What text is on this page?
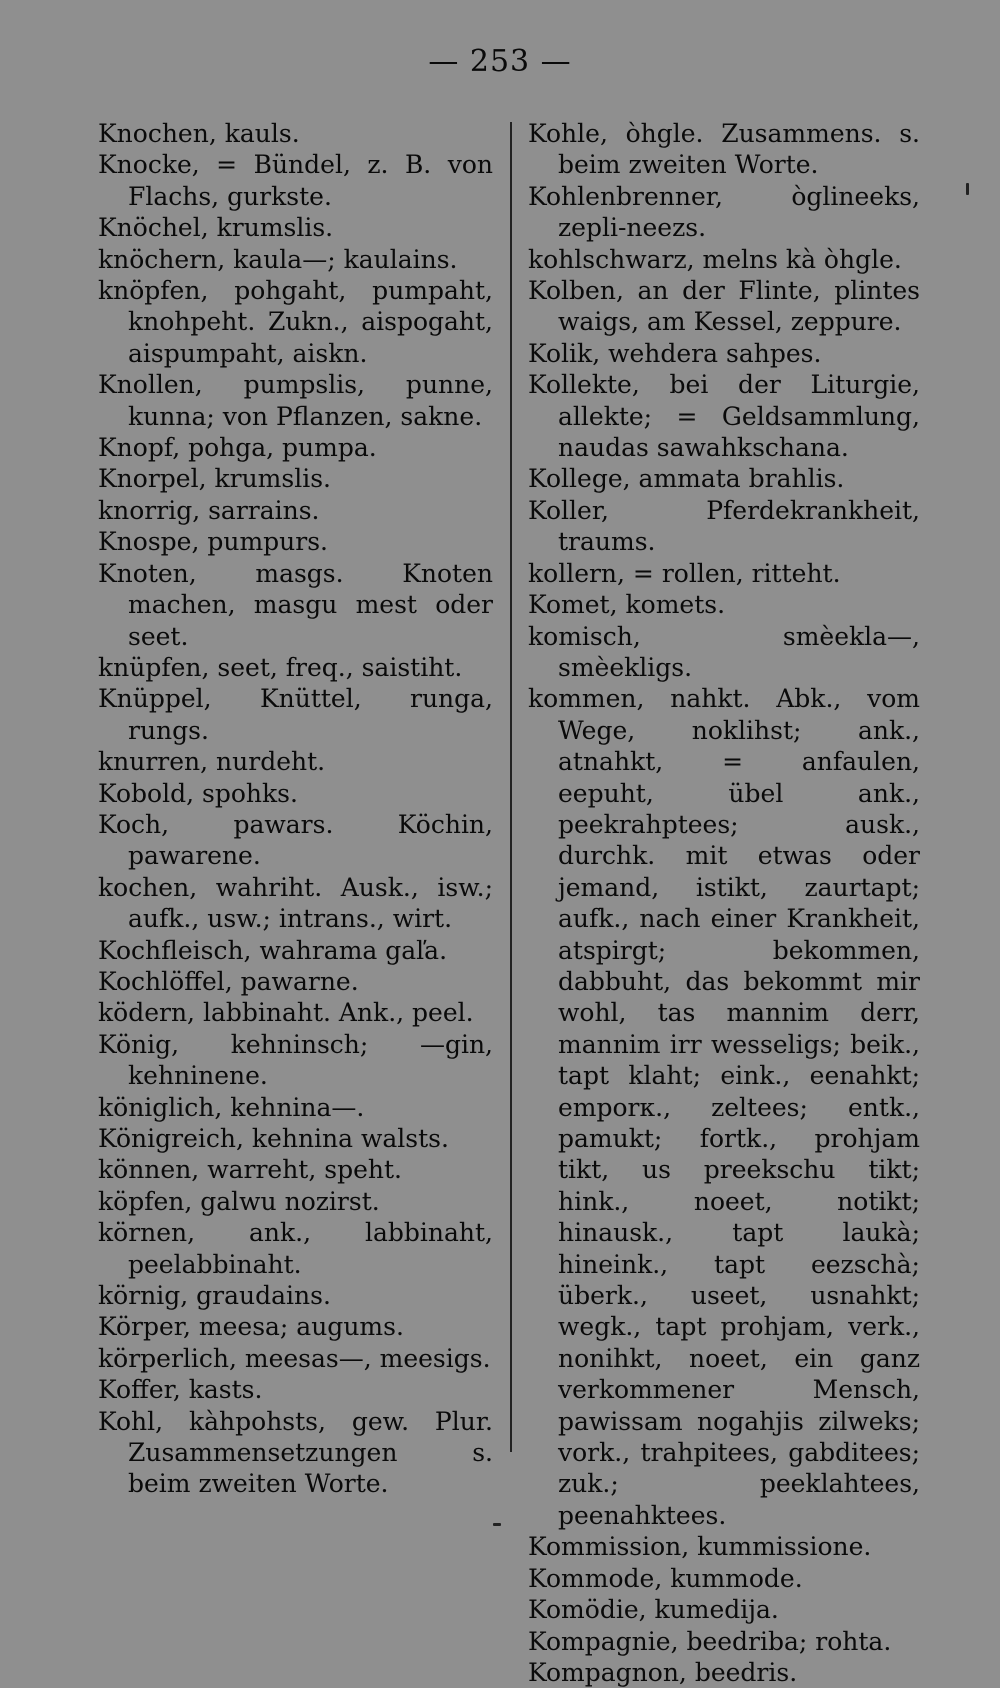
— 253 —
Knochen, kauls.
Knocke, = Bündel, z. B. von Flachs, gurkste.
Knöchel, krumslis.
knöchern, kaula—; kaulains.
knöpfen, pohgaht, pumpaht, knohpeht. Zukn., aispogaht, aispumpaht, aiskn.
Knollen, pumpslis, punne, kunna; von Pflanzen, sakne.
Knopf, pohga, pumpa.
Knorpel, krumslis.
knorrig, sarrains.
Knospe, pumpurs.
Knoten, masgs. Knoten machen, masgu mest oder seet.
knüpfen, seet, freq., saistiht.
Knüppel, Knüttel, runga, rungs.
knurren, nurdeht.
Kobold, spohks.
Koch, pawars. Köchin, pawarene.
kochen, wahriht. Ausk., isw.; aufk., usw.; intrans., wirt.
Kochfleisch, wahrama gaľa.
Kochlöffel, pawarne.
ködern, labbinaht. Ank., peel.
König, kehninsch; —gin, kehninene.
königlich, kehnina—.
Königreich, kehnina walsts.
können, warreht, speht.
köpfen, galwu nozirst.
körnen, ank., labbinaht, peelabbinaht.
körnig, graudains.
Körper, meesa; augums.
körperlich, meesas—, meesigs.
Koffer, kasts.
Kohl, kàhpohsts, gew. Plur. Zusammensetzungen s. beim zweiten Worte.
Kohle, òhgle. Zusammens. s. beim zweiten Worte.
Kohlenbrenner, òglineeks, zepli-neezs.
kohlschwarz, melns kà òhgle.
Kolben, an der Flinte, plintes waigs, am Kessel, zeppure.
Kolik, wehdera sahpes.
Kollekte, bei der Liturgie, allekte; = Geldsammlung, naudas sawahkschana.
Kollege, ammata brahlis.
Koller, Pferdekrankheit, traums.
kollern, = rollen, ritteht.
Komet, komets.
komisch, smèekla—, smèekligs.
kommen, nahkt. Abk., vom Wege, noklihst; ank., atnahkt, = anfaulen, eepuht, übel ank., peekrahptees; ausk., durchk. mit etwas oder jemand, istikt, zaurtapt; aufk., nach einer Krankheit, atspirgt; bekommen, dabbuht, das bekommt mir wohl, tas mannim derr, mannim irr wesseligs; beik., tapt klaht; eink., eenahkt; emporк., zeltees; entk., pamukt; fortk., prohjam tikt, us preekschu tikt; hink., noeet, notikt; hinausk., tapt laukà; hineink., tapt eezschà; überk., useet, usnahkt; wegk., tapt prohjam, verk., nonihkt, noeet, ein ganz verkommener Mensch, pawissam nogahjis zilweks; vork., trahpitees, gabditees; zuk.; peeklahtees, peenahktees.
Kommission, kummissione.
Kommode, kummode.
Komödie, kumedija.
Kompagnie, beedriba; rohta.
Kompagnon, beedris.
